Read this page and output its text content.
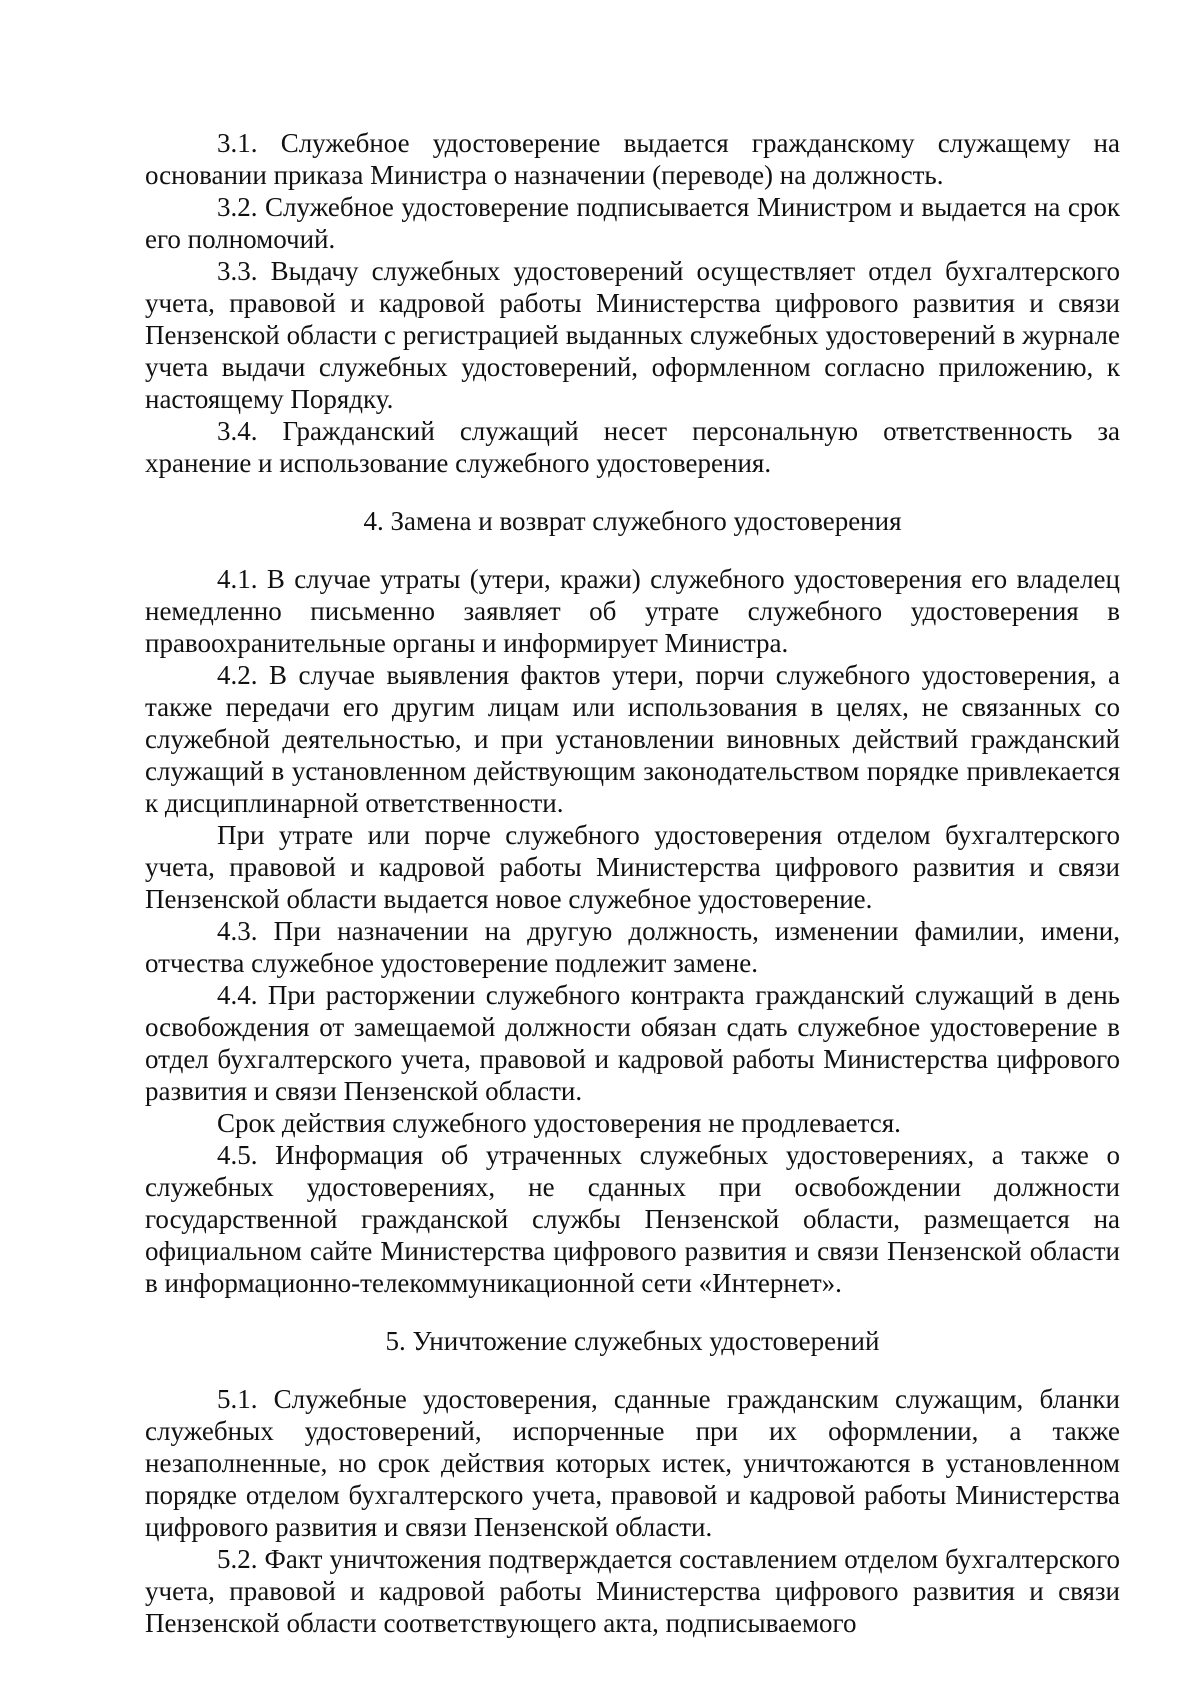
3.1. Служебное удостоверение выдается гражданскому служащему на основании приказа Министра о назначении (переводе) на должность.

3.2. Служебное удостоверение подписывается Министром и выдается на срок его полномочий.

3.3. Выдачу служебных удостоверений осуществляет отдел бухгалтерского учета, правовой и кадровой работы Министерства цифрового развития и связи Пензенской области с регистрацией выданных служебных удостоверений в журнале учета выдачи служебных удостоверений, оформленном согласно приложению, к настоящему Порядку.

3.4. Гражданский служащий несет персональную ответственность за хранение и использование служебного удостоверения.

4. Замена и возврат служебного удостоверения

4.1. В случае утраты (утери, кражи) служебного удостоверения его владелец немедленно письменно заявляет об утрате служебного удостоверения в правоохранительные органы и информирует Министра.

4.2. В случае выявления фактов утери, порчи служебного удостоверения, а также передачи его другим лицам или использования в целях, не связанных со служебной деятельностью, и при установлении виновных действий гражданский служащий в установленном действующим законодательством порядке привлекается к дисциплинарной ответственности.

При утрате или порче служебного удостоверения отделом бухгалтерского учета, правовой и кадровой работы Министерства цифрового развития и связи Пензенской области выдается новое служебное удостоверение.

4.3. При назначении на другую должность, изменении фамилии, имени, отчества служебное удостоверение подлежит замене.

4.4. При расторжении служебного контракта гражданский служащий в день освобождения от замещаемой должности обязан сдать служебное удостоверение в отдел бухгалтерского учета, правовой и кадровой работы Министерства цифрового развития и связи Пензенской области.

Срок действия служебного удостоверения не продлевается.

4.5. Информация об утраченных служебных удостоверениях, а также о служебных удостоверениях, не сданных при освобождении должности государственной гражданской службы Пензенской области, размещается на официальном сайте Министерства цифрового развития и связи Пензенской области в информационно-телекоммуникационной сети «Интернет».

5. Уничтожение служебных удостоверений

5.1. Служебные удостоверения, сданные гражданским служащим, бланки служебных удостоверений, испорченные при их оформлении, а также незаполненные, но срок действия которых истек, уничтожаются в установленном порядке отделом бухгалтерского учета, правовой и кадровой работы Министерства цифрового развития и связи Пензенской области.

5.2. Факт уничтожения подтверждается составлением отделом бухгалтерского учета, правовой и кадровой работы Министерства цифрового развития и связи Пензенской области соответствующего акта, подписываемого
